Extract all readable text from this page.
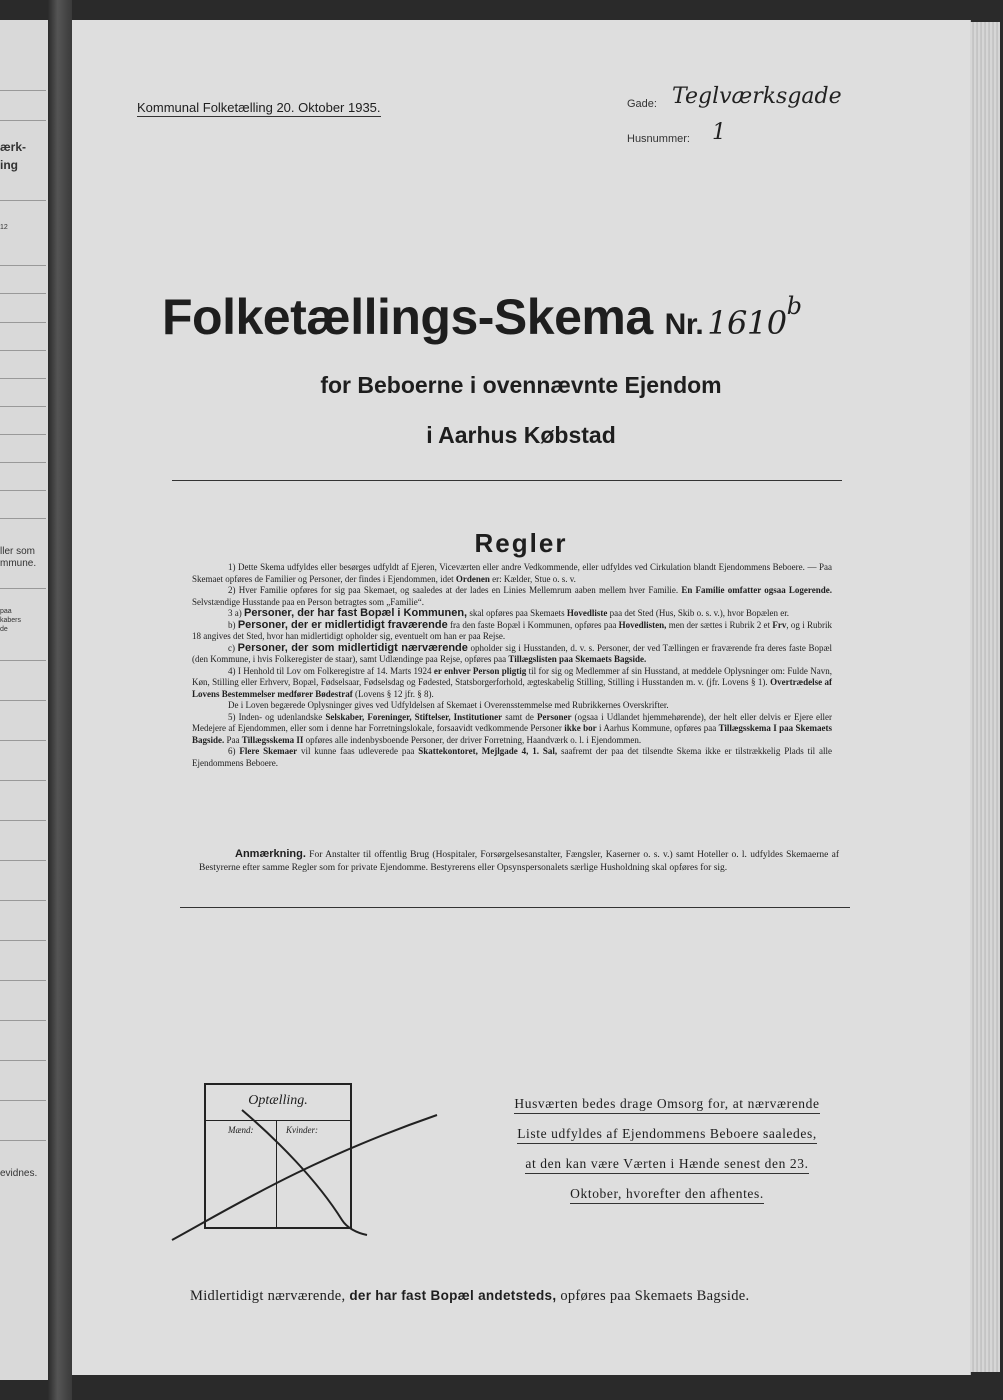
ærk-
ing
12
ller som
mmune.
paa
kabers
de
evidnes.
Kommunal Folketælling 20. Oktober 1935.	Gade: Teglværksgade
Husnummer: 1
Folketællings-Skema Nr. 1610$^b$
for Beboerne i ovennævnte Ejendom
i Aarhus Købstad
Regler

1) Dette Skema udfyldes eller besørges udfyldt af Ejeren, Viceværten eller andre Vedkommende, eller udfyldes ved Cirkulation blandt Ejendommens Beboere. — Paa Skemaet opføres de Familier og Personer, der findes i Ejendommen, idet Ordenen er: Kælder, Stue o. s. v.

2) Hver Familie opføres for sig paa Skemaet, og saaledes at der lades en Linies Mellemrum aaben mellem hver Familie. En Familie omfatter ogsaa Logerende. Selvstændige Husstande paa en Person betragtes som „Familie“.

3 a) Personer, der har fast Bopæl i Kommunen, skal opføres paa Skemaets Hovedliste paa det Sted (Hus, Skib o. s. v.), hvor Bopælen er.

b) Personer, der er midlertidigt fraværende fra den faste Bopæl i Kommunen, opføres paa Hovedlisten, men der sættes i Rubrik 2 et Frv, og i Rubrik 18 angives det Sted, hvor han midlertidigt opholder sig, eventuelt om han er paa Rejse.

c) Personer, der som midlertidigt nærværende opholder sig i Husstanden, d. v. s. Personer, der ved Tællingen er fraværende fra deres faste Bopæl (den Kommune, i hvis Folkeregister de staar), samt Udlændinge paa Rejse, opføres paa Tillægslisten paa Skemaets Bagside.

4) I Henhold til Lov om Folkeregistre af 14. Marts 1924 er enhver Person pligtig til for sig og Medlemmer af sin Husstand, at meddele Oplysninger om: Fulde Navn, Køn, Stilling eller Erhverv, Bopæl, Fødselsaar, Fødselsdag og Fødested, Statsborgerforhold, ægteskabelig Stilling, Stilling i Husstanden m. v. (jfr. Lovens § 1). Overtrædelse af Lovens Bestemmelser medfører Bødestraf (Lovens § 12 jfr. § 8).

De i Loven begærede Oplysninger gives ved Udfyldelsen af Skemaet i Overensstemmelse med Rubrikkernes Overskrifter.

5) Inden- og udenlandske Selskaber, Foreninger, Stiftelser, Institutioner samt de Personer (ogsaa i Udlandet hjemmehørende), der helt eller delvis er Ejere eller Medejere af Ejendommen, eller som i denne har Forretningslokale, forsaavidt vedkommende Personer ikke bor i Aarhus Kommune, opføres paa Tillægsskema I paa Skemaets Bagside. Paa Tillægsskema II opføres alle indenbysboende Personer, der driver Forretning, Haandværk o. l. i Ejendommen.

6) Flere Skemaer vil kunne faas udleverede paa Skattekontoret, Mejlgade 4, 1. Sal, saafremt der paa det tilsendte Skema ikke er tilstrækkelig Plads til alle Ejendommens Beboere.

Anmærkning. For Anstalter til offentlig Brug (Hospitaler, Forsørgelsesanstalter, Fængsler, Kaserner o. s. v.) samt Hoteller o. l. udfyldes Skemaerne af Bestyrerne efter samme Regler som for private Ejendomme. Bestyrerens eller Opsynspersonalets særlige Husholdning skal opføres for sig.

Optælling.
Mænd:	Kvinder:
Husværten bedes drage Omsorg for, at nærværende
Liste udfyldes af Ejendommens Beboere saaledes,
at den kan være Værten i Hænde senest den 23.
Oktober, hvorefter den afhentes.
Midlertidigt nærværende, der har fast Bopæl andetsteds, opføres paa Skemaets Bagside.
